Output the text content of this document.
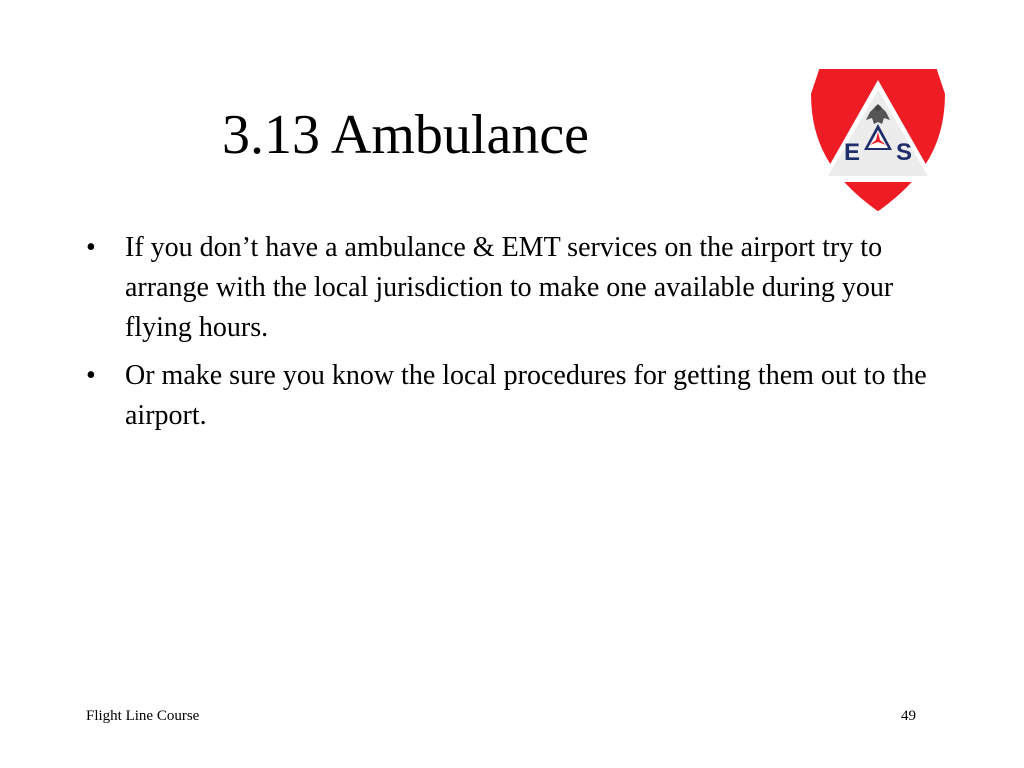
3.13 Ambulance	E S
• If you don’t have a ambulance & EMT services on the airport try to arrange with the local jurisdiction to make one available during your flying hours.
• Or make sure you know the local procedures for getting them out to the airport.
Flight Line Course	49
